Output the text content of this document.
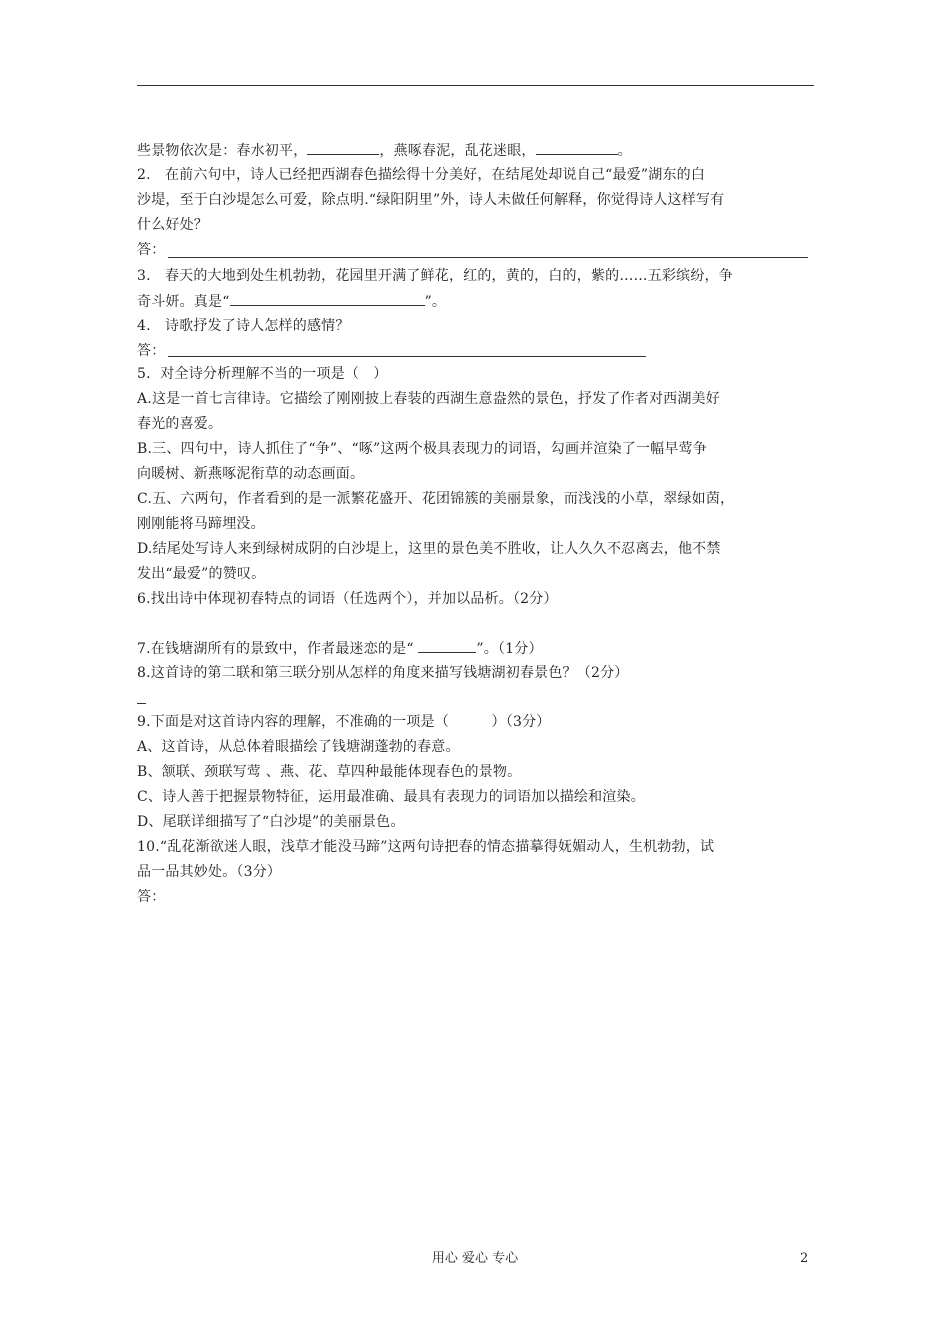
些景物依次是：春水初平，	，燕啄春泥，乱花迷眼，	。
2.　在前六句中，诗人已经把西湖春色描绘得十分美好，在结尾处却说自己“最爱”湖东的白
沙堤，至于白沙堤怎么可爱，除点明.“绿阳阴里”外，诗人未做任何解释，你觉得诗人这样写有
什么好处？
答：
3.　春天的大地到处生机勃勃，花园里开满了鲜花，红的，黄的，白的，紫的……五彩缤纷，争
奇斗妍。真是“	”。
4.　诗歌抒发了诗人怎样的感情？
答：
5．对全诗分析理解不当的一项是（　）
A.这是一首七言律诗。它描绘了刚刚披上春装的西湖生意盎然的景色，抒发了作者对西湖美好
春光的喜爱。
B.三、四句中，诗人抓住了“争”、“啄”这两个极具表现力的词语，勾画并渲染了一幅早莺争
向暖树、新燕啄泥衔草的动态画面。
C.五、六两句，作者看到的是一派繁花盛开、花团锦簇的美丽景象，而浅浅的小草，翠绿如茵，
刚刚能将马蹄埋没。
D.结尾处写诗人来到绿树成阴的白沙堤上，这里的景色美不胜收，让人久久不忍离去，他不禁
发出“最爱”的赞叹。
6.找出诗中体现初春特点的词语（任选两个），并加以品析。（2分）
7.在钱塘湖所有的景致中，作者最迷恋的是“	”。（1分）
8.这首诗的第二联和第三联分别从怎样的角度来描写钱塘湖初春景色？（2分）
9.下面是对这首诗内容的理解，不准确的一项是（　　　）（3分）
A、这首诗，从总体着眼描绘了钱塘湖蓬勃的春意。
B、颔联、颈联写莺 、燕、花、草四种最能体现春色的景物。
C、诗人善于把握景物特征，运用最准确、最具有表现力的词语加以描绘和渲染。
D、尾联详细描写了“白沙堤”的美丽景色。
10.“乱花渐欲迷人眼，浅草才能没马蹄”这两句诗把春的情态描摹得妩媚动人，生机勃勃，试
品一品其妙处。（3分）
答：
用心 爱心 专心	2
